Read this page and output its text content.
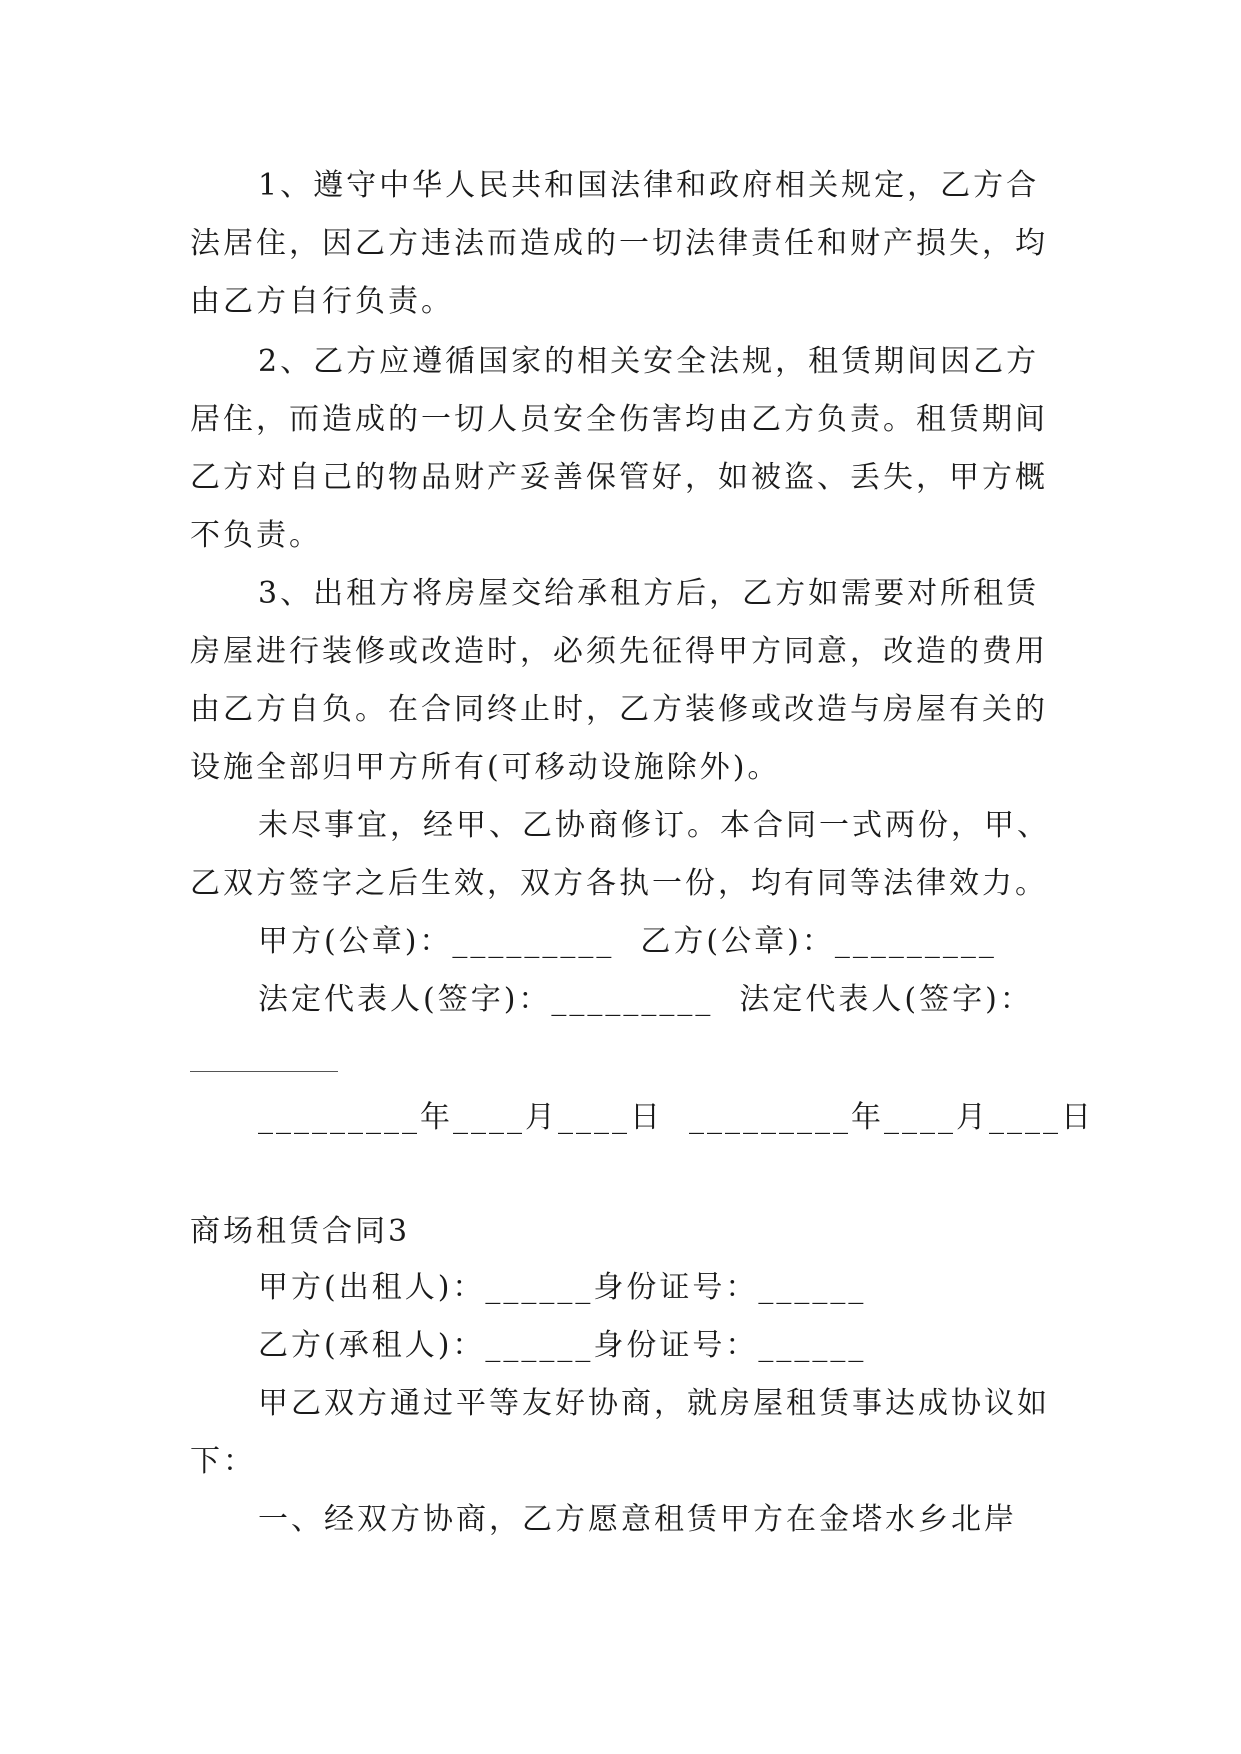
1、遵守中华人民共和国法律和政府相关规定，乙方合
法居住，因乙方违法而造成的一切法律责任和财产损失，均
由乙方自行负责。
2、乙方应遵循国家的相关安全法规，租赁期间因乙方
居住，而造成的一切人员安全伤害均由乙方负责。租赁期间
乙方对自己的物品财产妥善保管好，如被盗、丢失，甲方概
不负责。
3、出租方将房屋交给承租方后，乙方如需要对所租赁
房屋进行装修或改造时，必须先征得甲方同意，改造的费用
由乙方自负。在合同终止时，乙方装修或改造与房屋有关的
设施全部归甲方所有(可移动设施除外)。
未尽事宜，经甲、乙协商修订。本合同一式两份，甲、
乙双方签字之后生效，双方各执一份，均有同等法律效力。
甲方(公章)：_________ 乙方(公章)：_________
法定代表人(签字)：_________ 法定代表人(签字)：
_________年____月____日 _________年____月____日
商场租赁合同3
甲方(出租人)：______身份证号：______
乙方(承租人)：______身份证号：______
甲乙双方通过平等友好协商，就房屋租赁事达成协议如
下：
一、经双方协商，乙方愿意租赁甲方在金塔水乡北岸
